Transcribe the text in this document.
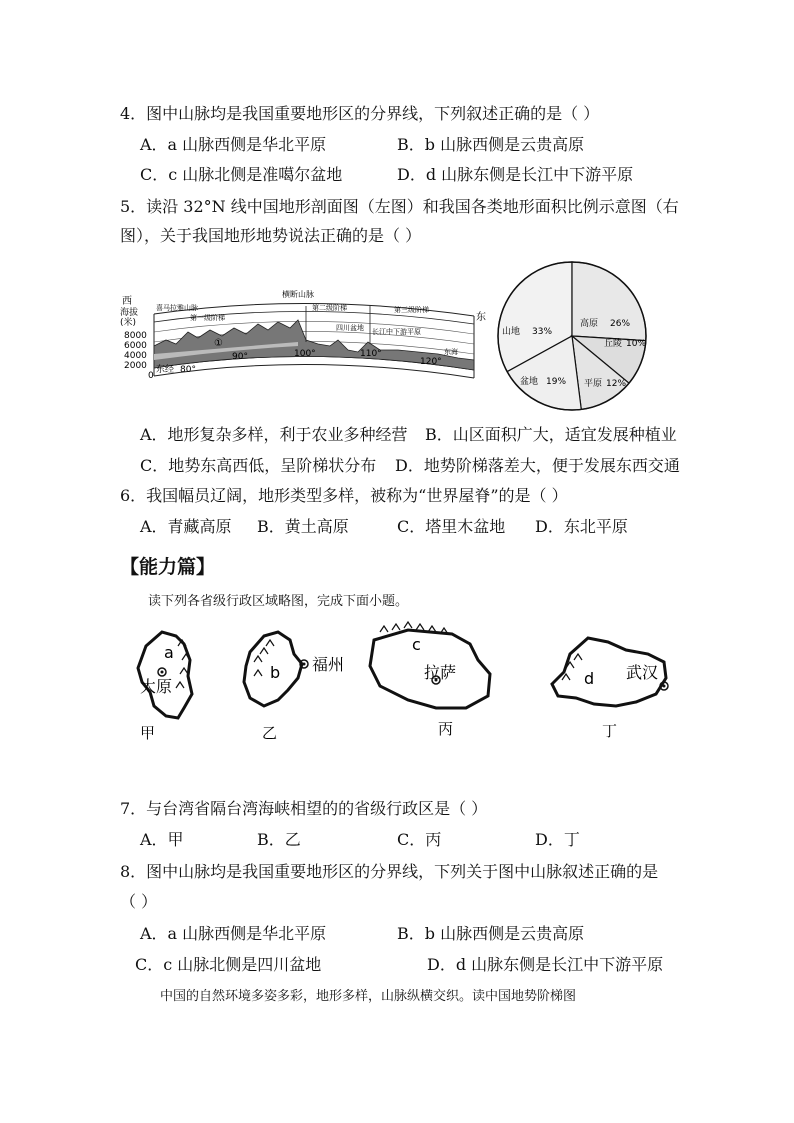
4．图中山脉均是我国重要地形区的分界线，下列叙述正确的是（ ）
A．a 山脉西侧是华北平原	B．b 山脉西侧是云贵高原
C．c 山脉北侧是准噶尔盆地	D．d 山脉东侧是长江中下游平原
5．读沿 32°N 线中国地形剖面图（左图）和我国各类地形面积比例示意图（右
图），关于我国地形地势说法正确的是（ ）
西
海拔
(米)
8000
6000
4000
2000
0
横断山脉
喜马拉雅山脉
第一级阶梯
第二级阶梯	第三级阶梯
四川盆地 长江中下游平原
东海
东
①
东经 80°
90°	100°	110°
120°
山地 33%
高原 26%
丘陵 10%
盆地 19% 平原 12%
A．地形复杂多样，利于农业多种经营 B．山区面积广大，适宜发展种植业
C．地势东高西低，呈阶梯状分布 D．地势阶梯落差大，便于发展东西交通
6．我国幅员辽阔，地形类型多样，被称为“世界屋脊”的是（ ）
A．青藏高原 B．黄土高原	C．塔里木盆地 D．东北平原
【能力篇】
读下列各省级行政区域略图，完成下面小题。
a
太原
甲
b 福州
乙
c
拉萨
丙
d 武汉
丁
7．与台湾省隔台湾海峡相望的的省级行政区是（ ）
A．甲	B．乙	C．丙	D．丁
8．图中山脉均是我国重要地形区的分界线，下列关于图中山脉叙述正确的是
（ ）
A．a 山脉西侧是华北平原	B．b 山脉西侧是云贵高原
C．c 山脉北侧是四川盆地	D．d 山脉东侧是长江中下游平原
中国的自然环境多姿多彩，地形多样，山脉纵横交织。读中国地势阶梯图
